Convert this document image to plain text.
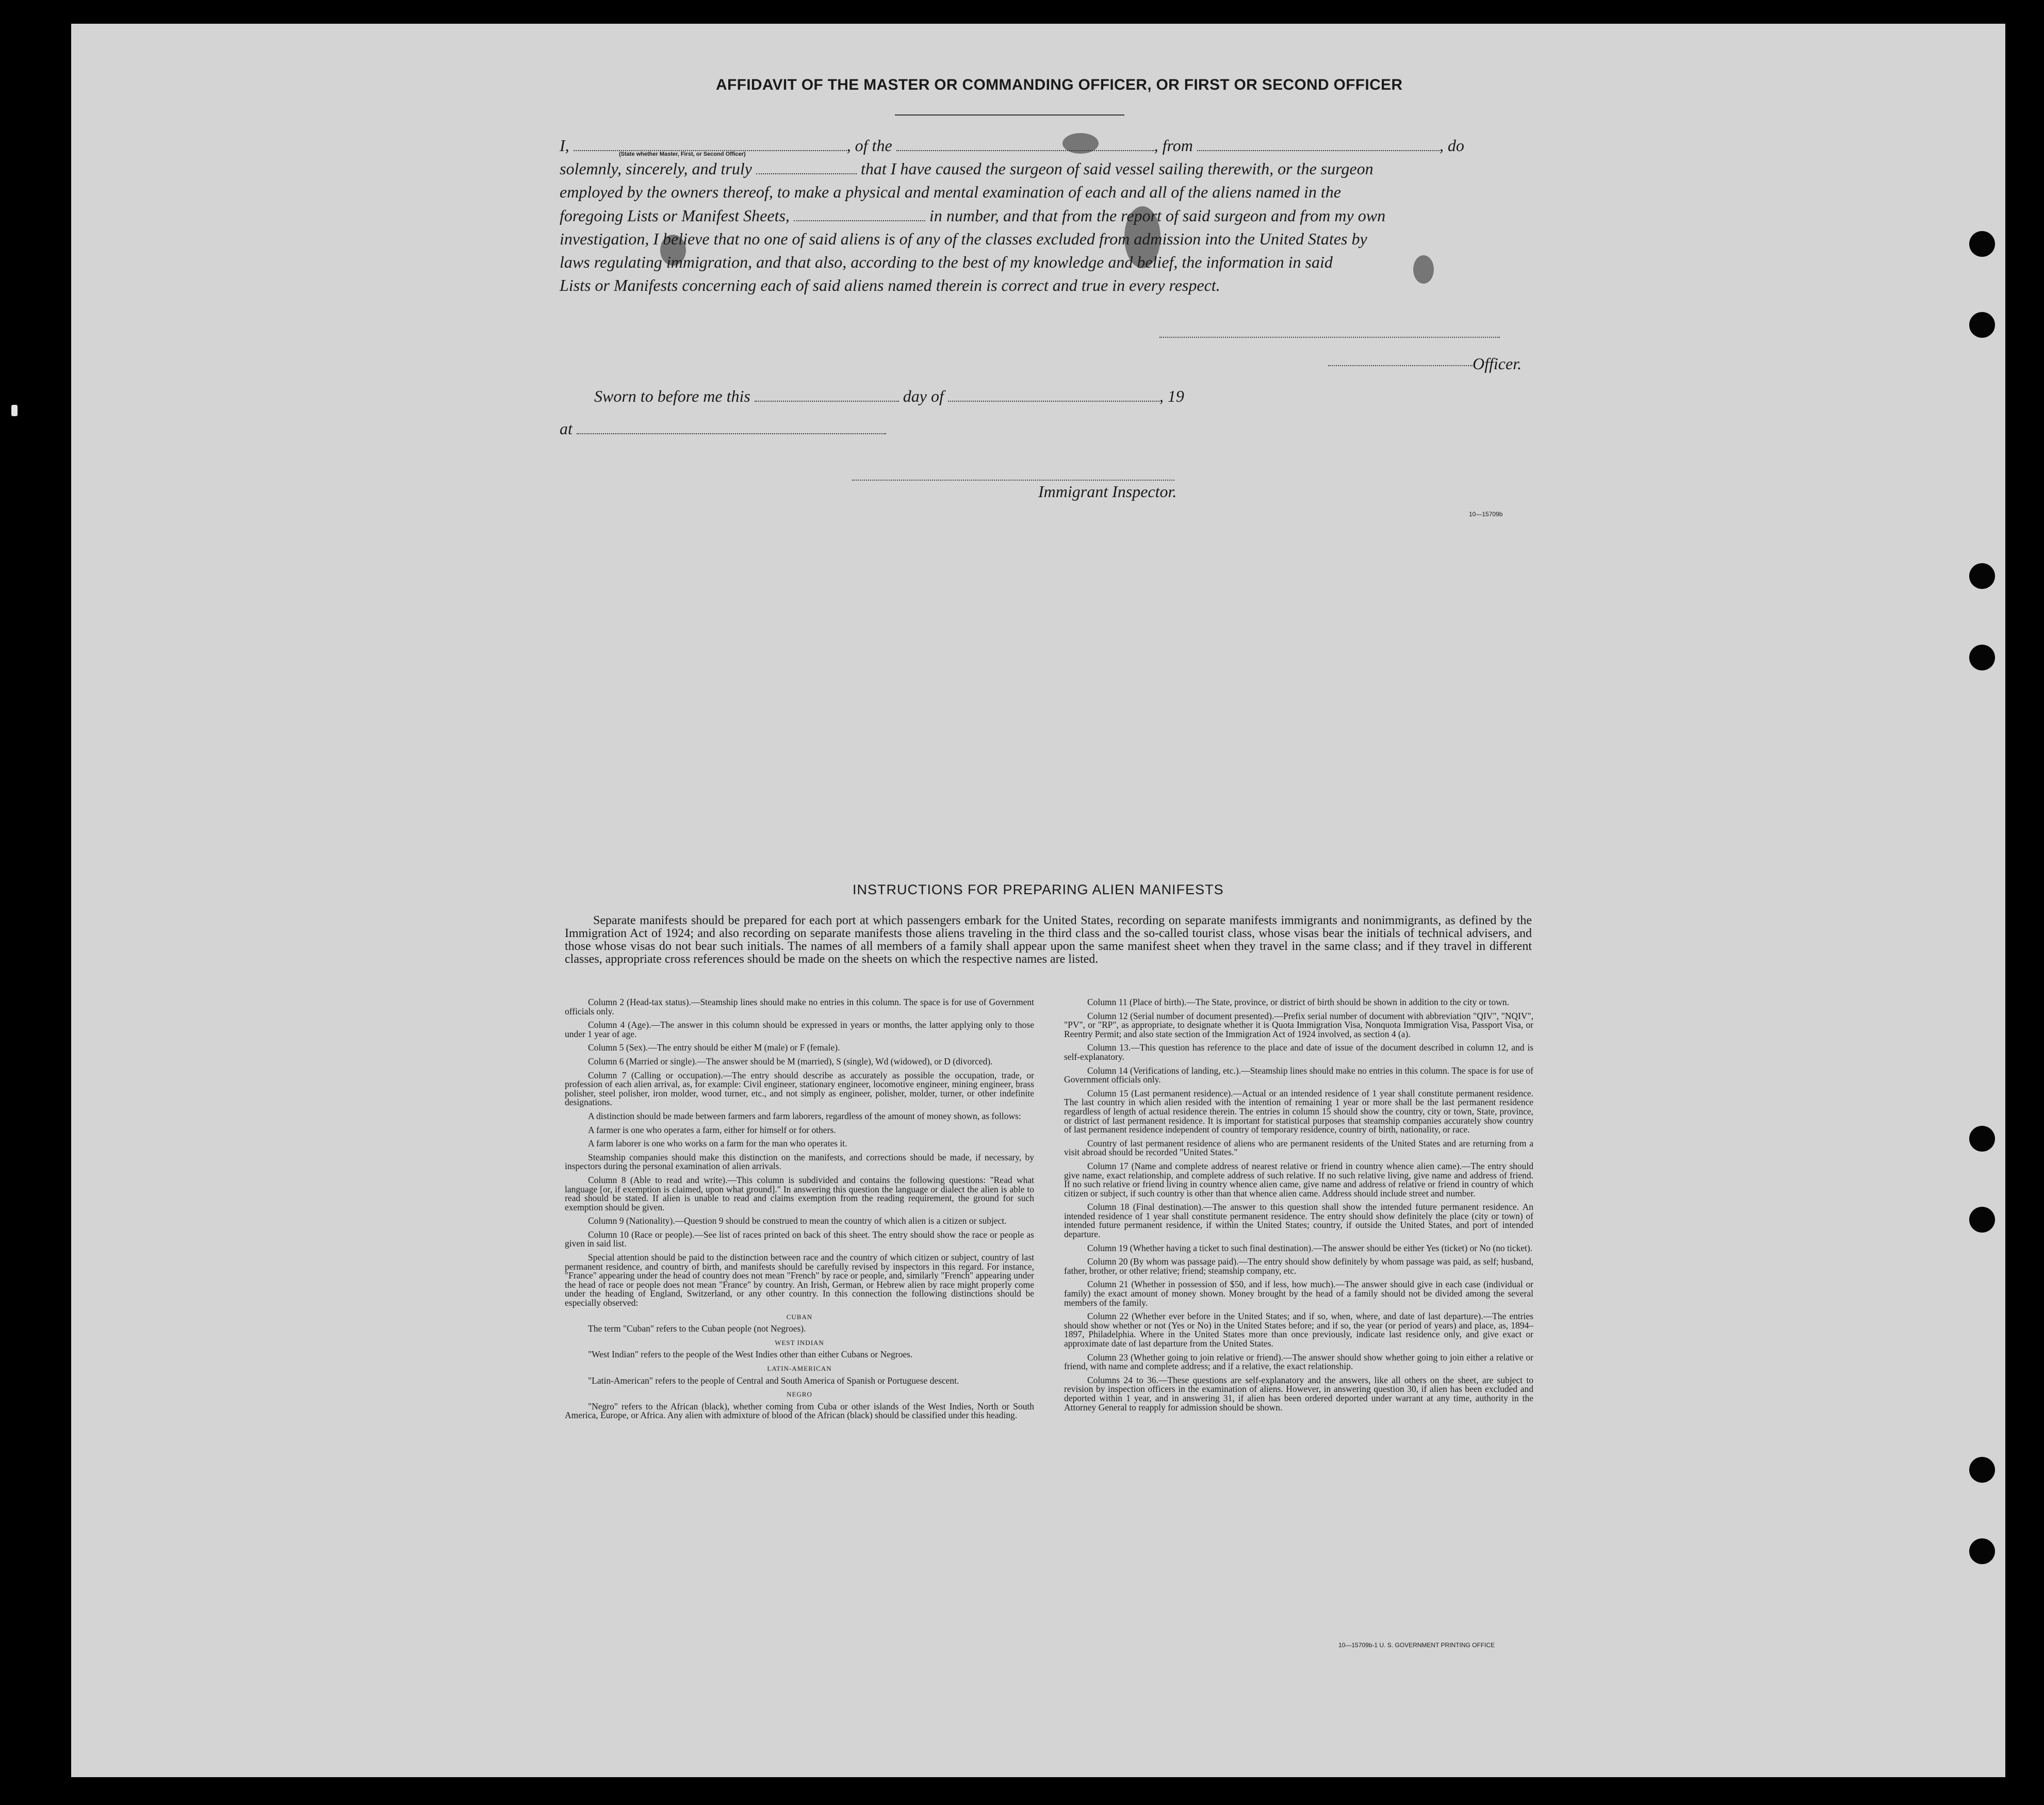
AFFIDAVIT OF THE MASTER OR COMMANDING OFFICER, OR FIRST OR SECOND OFFICER
I,	, of the	, from	, do
(State whether Master, First, or Second Officer)
solemnly, sincerely, and truly	that I have caused the surgeon of said vessel sailing therewith, or the surgeon
employed by the owners thereof, to make a physical and mental examination of each and all of the aliens named in the
foregoing Lists or Manifest Sheets,	in number, and that from the report of said surgeon and from my own
investigation, I believe that no one of said aliens is of any of the classes excluded from admission into the United States by
laws regulating immigration, and that also, according to the best of my knowledge and belief, the information in said
Lists or Manifests concerning each of said aliens named therein is correct and true in every respect.
Officer.
Sworn to before me this	day of	, 19
at
Immigrant Inspector.
10—15709b
INSTRUCTIONS FOR PREPARING ALIEN MANIFESTS
Separate manifests should be prepared for each port at which passengers embark for the United States, recording on separate manifests immigrants and nonimmigrants, as defined by the Immigration Act of 1924; and also recording on separate manifests those aliens traveling in the third class and the so-called tourist class, whose visas bear the initials of technical advisers, and those whose visas do not bear such initials. The names of all members of a family shall appear upon the same manifest sheet when they travel in the same class; and if they travel in different classes, appropriate cross references should be made on the sheets on which the respective names are listed.

Column 2 (Head-tax status).—Steamship lines should make no entries in this column. The space is for use of Government officials only.

Column 4 (Age).—The answer in this column should be expressed in years or months, the latter applying only to those under 1 year of age.

Column 5 (Sex).—The entry should be either M (male) or F (female).

Column 6 (Married or single).—The answer should be M (married), S (single), Wd (widowed), or D (divorced).

Column 7 (Calling or occupation).—The entry should describe as accurately as possible the occupation, trade, or profession of each alien arrival, as, for example: Civil engineer, stationary engineer, locomotive engineer, mining engineer, brass polisher, steel polisher, iron molder, wood turner, etc., and not simply as engineer, polisher, molder, turner, or other indefinite designations.

A distinction should be made between farmers and farm laborers, regardless of the amount of money shown, as follows:

A farmer is one who operates a farm, either for himself or for others.

A farm laborer is one who works on a farm for the man who operates it.

Steamship companies should make this distinction on the manifests, and corrections should be made, if necessary, by inspectors during the personal examination of alien arrivals.

Column 8 (Able to read and write).—This column is subdivided and contains the following questions: "Read what language [or, if exemption is claimed, upon what ground]." In answering this question the language or dialect the alien is able to read should be stated. If alien is unable to read and claims exemption from the reading requirement, the ground for such exemption should be given.

Column 9 (Nationality).—Question 9 should be construed to mean the country of which alien is a citizen or subject.

Column 10 (Race or people).—See list of races printed on back of this sheet. The entry should show the race or people as given in said list.

Special attention should be paid to the distinction between race and the country of which citizen or subject, country of last permanent residence, and country of birth, and manifests should be carefully revised by inspectors in this regard. For instance, "France" appearing under the head of country does not mean "French" by race or people, and, similarly "French" appearing under the head of race or people does not mean "France" by country. An Irish, German, or Hebrew alien by race might properly come under the heading of England, Switzerland, or any other country. In this connection the following distinctions should be especially observed:

CUBAN

The term "Cuban" refers to the Cuban people (not Negroes).

WEST INDIAN

"West Indian" refers to the people of the West Indies other than either Cubans or Negroes.

LATIN-AMERICAN

"Latin-American" refers to the people of Central and South America of Spanish or Portuguese descent.

NEGRO

"Negro" refers to the African (black), whether coming from Cuba or other islands of the West Indies, North or South America, Europe, or Africa. Any alien with admixture of blood of the African (black) should be classified under this heading.

Column 11 (Place of birth).—The State, province, or district of birth should be shown in addition to the city or town.

Column 12 (Serial number of document presented).—Prefix serial number of document with abbreviation "QIV", "NQIV", "PV", or "RP", as appropriate, to designate whether it is Quota Immigration Visa, Nonquota Immigration Visa, Passport Visa, or Reentry Permit; and also state section of the Immigration Act of 1924 involved, as section 4 (a).

Column 13.—This question has reference to the place and date of issue of the document described in column 12, and is self-explanatory.

Column 14 (Verifications of landing, etc.).—Steamship lines should make no entries in this column. The space is for use of Government officials only.

Column 15 (Last permanent residence).—Actual or an intended residence of 1 year shall constitute permanent residence. The last country in which alien resided with the intention of remaining 1 year or more shall be the last permanent residence regardless of length of actual residence therein. The entries in column 15 should show the country, city or town, State, province, or district of last permanent residence. It is important for statistical purposes that steamship companies accurately show country of last permanent residence independent of country of temporary residence, country of birth, nationality, or race.

Country of last permanent residence of aliens who are permanent residents of the United States and are returning from a visit abroad should be recorded "United States."

Column 17 (Name and complete address of nearest relative or friend in country whence alien came).—The entry should give name, exact relationship, and complete address of such relative. If no such relative living, give name and address of friend. If no such relative or friend living in country whence alien came, give name and address of relative or friend in country of which citizen or subject, if such country is other than that whence alien came. Address should include street and number.

Column 18 (Final destination).—The answer to this question shall show the intended future permanent residence. An intended residence of 1 year shall constitute permanent residence. The entry should show definitely the place (city or town) of intended future permanent residence, if within the United States; country, if outside the United States, and port of intended departure.

Column 19 (Whether having a ticket to such final destination).—The answer should be either Yes (ticket) or No (no ticket).

Column 20 (By whom was passage paid).—The entry should show definitely by whom passage was paid, as self; husband, father, brother, or other relative; friend; steamship company, etc.

Column 21 (Whether in possession of $50, and if less, how much).—The answer should give in each case (individual or family) the exact amount of money shown. Money brought by the head of a family should not be divided among the several members of the family.

Column 22 (Whether ever before in the United States; and if so, when, where, and date of last departure).—The entries should show whether or not (Yes or No) in the United States before; and if so, the year (or period of years) and place, as, 1894–1897, Philadelphia. Where in the United States more than once previously, indicate last residence only, and give exact or approximate date of last departure from the United States.

Column 23 (Whether going to join relative or friend).—The answer should show whether going to join either a relative or friend, with name and complete address; and if a relative, the exact relationship.

Columns 24 to 36.—These questions are self-explanatory and the answers, like all others on the sheet, are subject to revision by inspection officers in the examination of aliens. However, in answering question 30, if alien has been excluded and deported within 1 year, and in answering 31, if alien has been ordered deported under warrant at any time, authority in the Attorney General to reapply for admission should be shown.

10—15709b-1 U. S. GOVERNMENT PRINTING OFFICE
